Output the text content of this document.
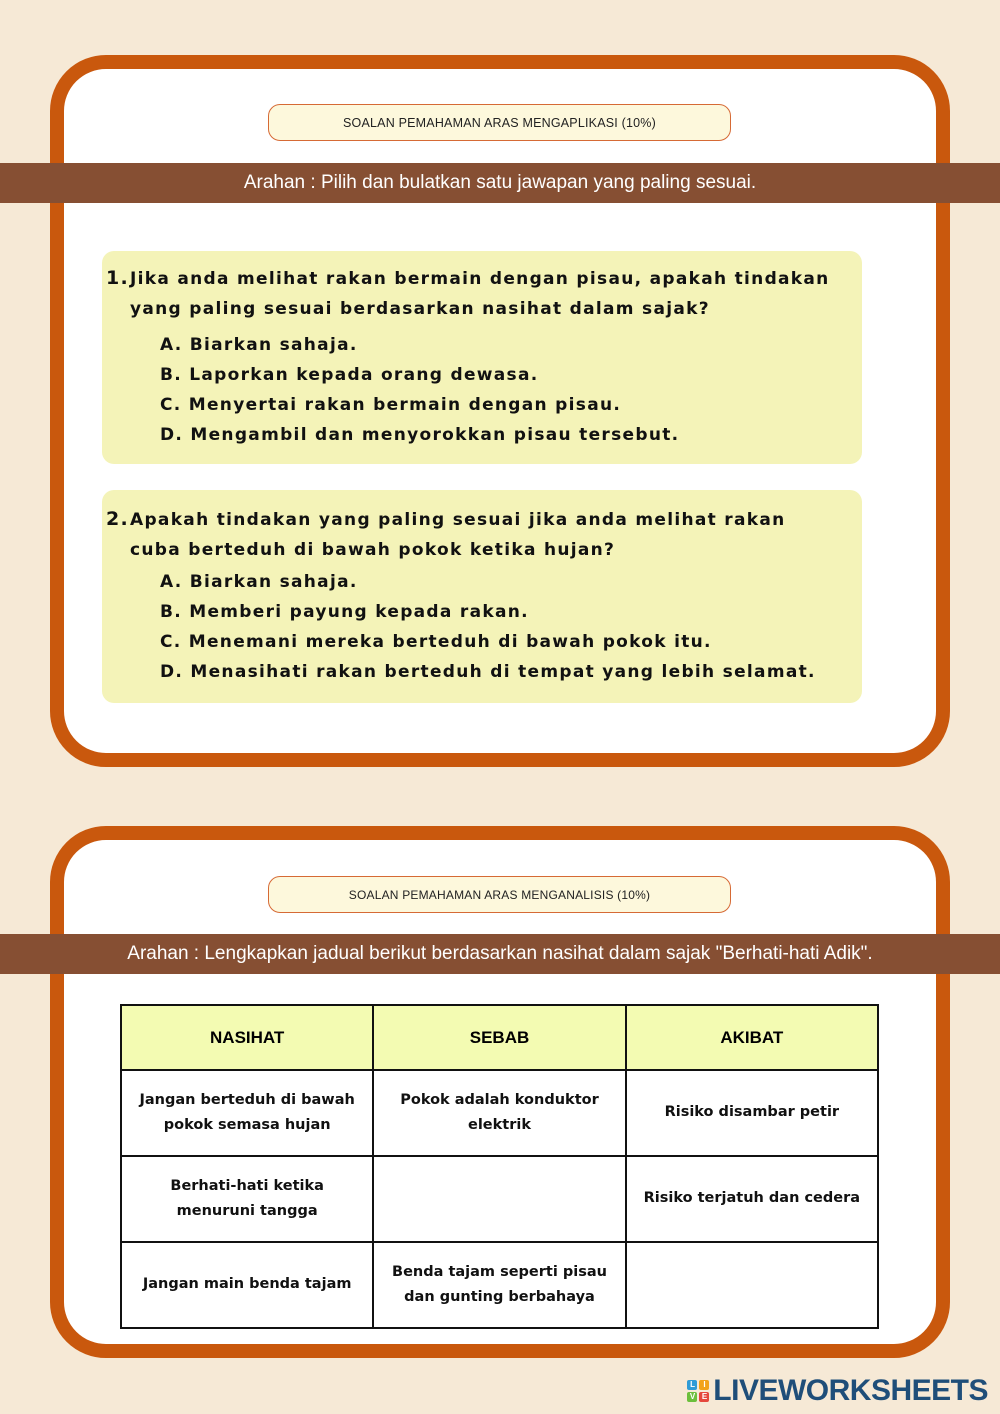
SOALAN PEMAHAMAN ARAS MENGAPLIKASI (10%)
Arahan : Pilih dan bulatkan satu jawapan yang paling sesuai.
1. Jika anda melihat rakan bermain dengan pisau, apakah tindakan
yang paling sesuai berdasarkan nasihat dalam sajak?
A. Biarkan sahaja.
B. Laporkan kepada orang dewasa.
C. Menyertai rakan bermain dengan pisau.
D. Mengambil dan menyorokkan pisau tersebut.
2. Apakah tindakan yang paling sesuai jika anda melihat rakan
cuba berteduh di bawah pokok ketika hujan?
A. Biarkan sahaja.
B. Memberi payung kepada rakan.
C. Menemani mereka berteduh di bawah pokok itu.
D. Menasihati rakan berteduh di tempat yang lebih selamat.
SOALAN PEMAHAMAN ARAS MENGANALISIS (10%)
Arahan : Lengkapkan jadual berikut berdasarkan nasihat dalam sajak "Berhati-hati Adik".
NASIHAT	SEBAB	AKIBAT
Jangan berteduh di bawah pokok semasa hujan	Pokok adalah konduktor elektrik	Risiko disambar petir
Berhati-hati ketika menuruni tangga		Risiko terjatuh dan cedera
Jangan main benda tajam	Benda tajam seperti pisau dan gunting berbahaya	
L	I
V E LIVEWORKSHEETS
